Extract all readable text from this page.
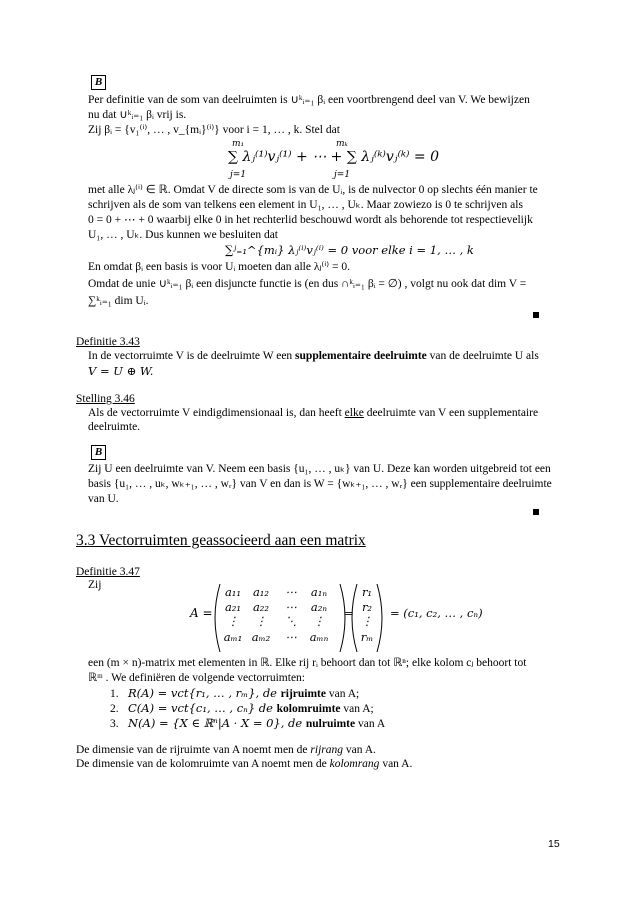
B
Per definitie van de som van deelruimten is ∪ᵏᵢ₌₁ βᵢ een voortbrengend deel van V. We bewijzen
nu dat ∪ᵏᵢ₌₁ βᵢ vrij is.
Zij βᵢ = {v₁⁽ⁱ⁾, … , v_{mᵢ}⁽ⁱ⁾} voor i = 1, … , k. Stel dat
m₁	mₖ
∑ λⱼ⁽¹⁾vⱼ⁽¹⁾ + ⋯ + ∑ λⱼ⁽ᵏ⁾vⱼ⁽ᵏ⁾ = 0
j=1	j=1
met alle λⱼ⁽ⁱ⁾ ∈ ℝ. Omdat V de directe som is van de Uᵢ, is de nulvector 0 op slechts één manier te
schrijven als de som van telkens een element in U₁, … , Uₖ. Maar zowiezo is 0 te schrijven als
0 = 0 + ⋯ + 0 waarbij elke 0 in het rechterlid beschouwd wordt als behorende tot respectievelijk
U₁, … , Uₖ. Dus kunnen we besluiten dat
∑ʲ₌₁^{mᵢ} λⱼ⁽ⁱ⁾vⱼ⁽ⁱ⁾ = 0 voor elke i = 1, … , k
En omdat βᵢ een basis is voor Uᵢ moeten dan alle λⱼ⁽ⁱ⁾ = 0.
Omdat de unie ∪ᵏᵢ₌₁ βᵢ een disjuncte functie is (en dus ∩ᵏᵢ₌₁ βᵢ = ∅) , volgt nu ook dat dim V =
∑ᵏᵢ₌₁ dim Uᵢ.
Definitie 3.43
In de vectorruimte V is de deelruimte W een supplementaire deelruimte van de deelruimte U als
V = U ⊕ W.
Stelling 3.46
Als de vectorruimte V eindigdimensionaal is, dan heeft elke deelruimte van V een supplementaire
deelruimte.
B
Zij U een deelruimte van V. Neem een basis {u₁, … , uₖ} van U. Deze kan worden uitgebreid tot een
basis {u₁, … , uₖ, wₖ₊₁, … , wᵣ} van V en dan is W = {wₖ₊₁, … , wᵣ} een supplementaire deelruimte
van U.
3.3 Vectorruimten geassocieerd aan een matrix
Definitie 3.47
Zij
A =
a₁₁ a₁₂	⋯	a₁ₙ
a₂₁ a₂₂	⋯	a₂ₙ
⋮	⋮	⋱	⋮
aₘ₁ aₘ₂	⋯	aₘₙ
=
r₁
r₂
⋮
rₘ
= (c₁, c₂, … , cₙ)
een (m × n)-matrix met elementen in ℝ. Elke rij rᵢ behoort dan tot ℝⁿ; elke kolom cⱼ behoort tot
ℝᵐ . We definiëren de volgende vectorruimten:
1. R(A) = vct{r₁, … , rₘ}, de rijruimte van A;
2. C(A) = vct{c₁, … , cₙ} de kolomruimte van A;
3. N(A) = {X ∈ ℝⁿ|A · X = 0}, de nulruimte van A
De dimensie van de rijruimte van A noemt men de rijrang van A.
De dimensie van de kolomruimte van A noemt men de kolomrang van A.
15
